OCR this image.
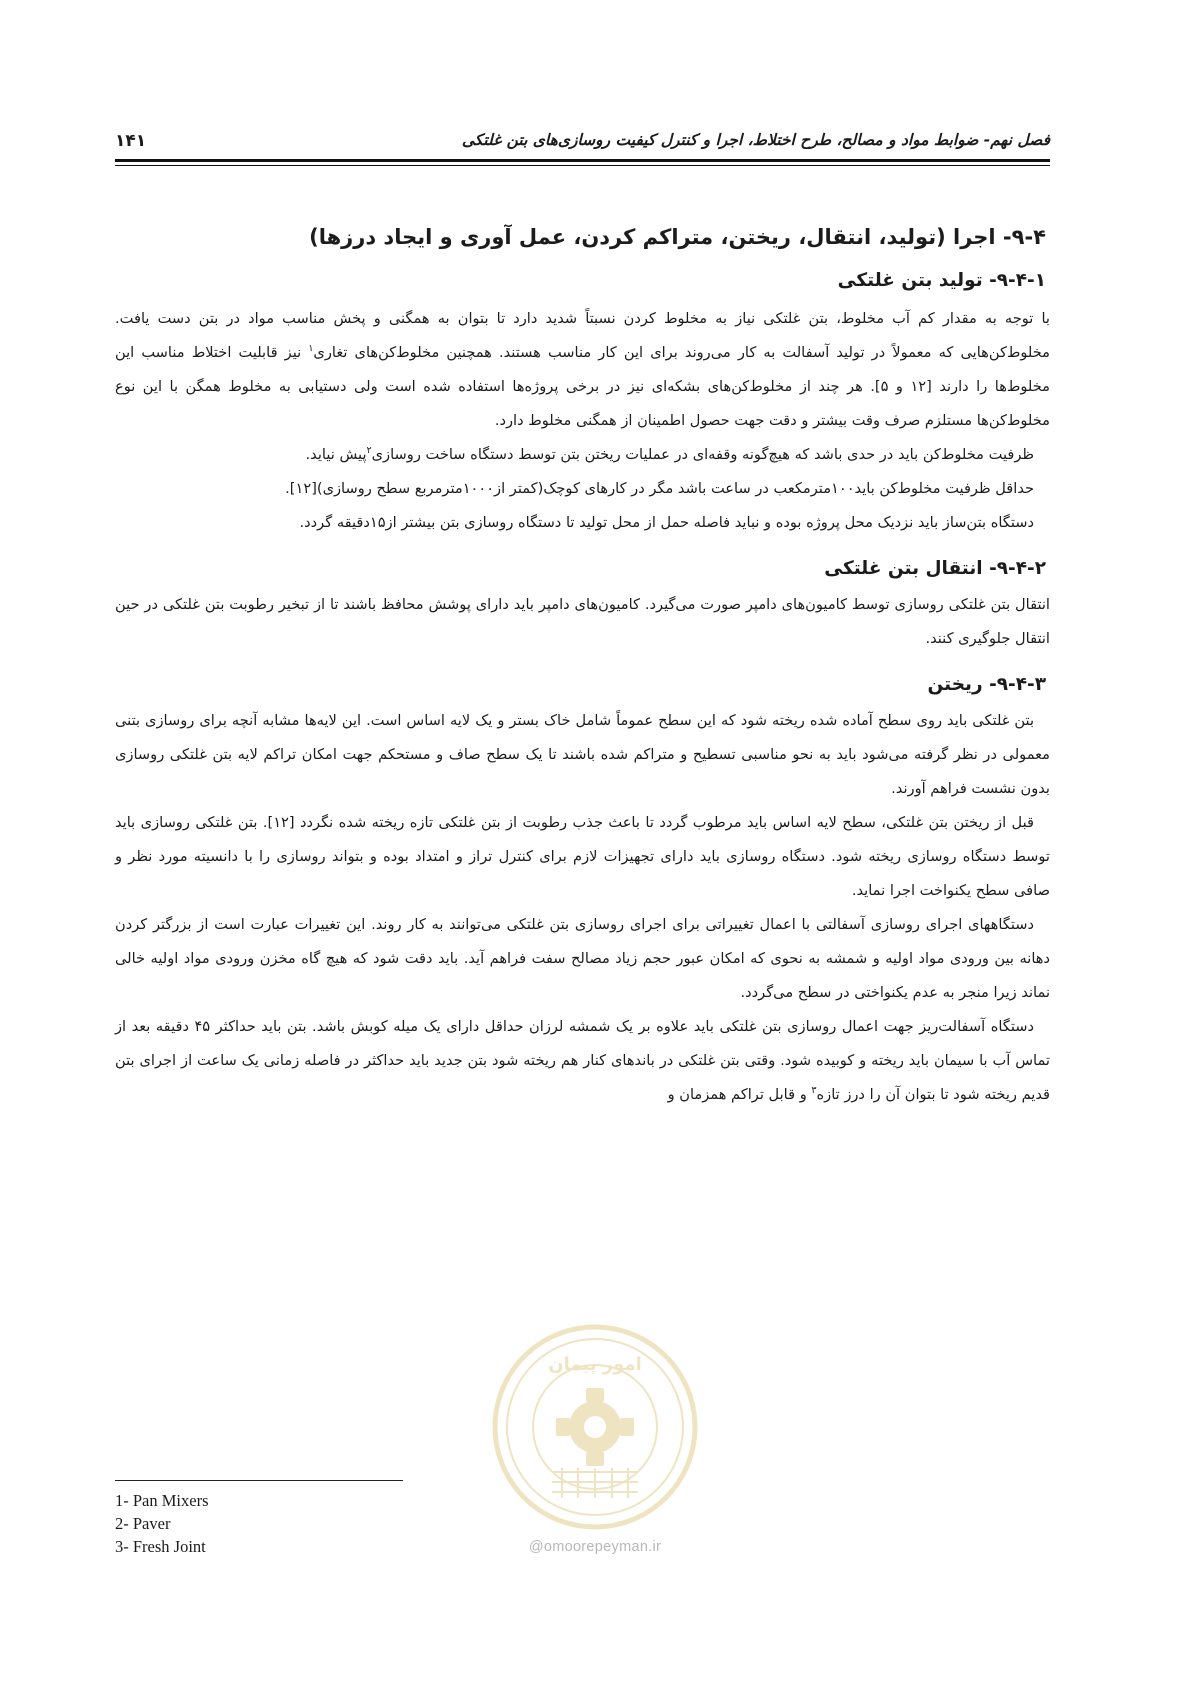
فصل نهم- ضوابط مواد و مصالح، طرح اختلاط، اجرا و کنترل کیفیت روسازی‌های بتن غلتکی
۱۴۱
۹-۴- اجرا (تولید، انتقال، ریختن، متراکم کردن، عمل آوری و ایجاد درزها)
۹-۴-۱- تولید بتن غلتکی

با توجه به مقدار کم آب مخلوط، بتن غلتکی نیاز به مخلوط کردن نسبتاً شدید دارد تا بتوان به همگنی و پخش مناسب مواد در بتن دست یافت. مخلوط‌کن‌هایی که معمولاً در تولید آسفالت به کار می‌روند برای این کار مناسب هستند. همچنین مخلوط‌کن‌های تغاری$^۱$ نیز قابلیت اختلاط مناسب این مخلوط‌ها را دارند [۱۲ و ۵]. هر چند از مخلوط‌کن‌های بشکه‌ای نیز در برخی پروژه‌ها استفاده شده است ولی دستیابی به مخلوط همگن با این نوع مخلوط‌کن‌ها مستلزم صرف وقت بیشتر و دقت جهت حصول اطمینان از همگنی مخلوط دارد.

ظرفیت مخلوط‌کن باید در حدی باشد که هیچ‌گونه وقفه‌ای در عملیات ریختن بتن توسط دستگاه ساخت روسازی$^۲$پیش نیاید.

حداقل ظرفیت مخلوط‌کن باید۱۰۰مترمکعب در ساعت باشد مگر در کارهای کوچک(کمتر از۱۰۰۰مترمربع سطح روسازی)[۱۲].

دستگاه بتن‌ساز باید نزدیک محل پروژه بوده و نباید فاصله حمل از محل تولید تا دستگاه روسازی بتن بیشتر از۱۵دقیقه گردد.

۹-۴-۲- انتقال بتن غلتکی

انتقال بتن غلتکی روسازی توسط کامیون‌های دامپر صورت می‌گیرد. کامیون‌های دامپر باید دارای پوشش محافظ باشند تا از تبخیر رطوبت بتن غلتکی در حین انتقال جلوگیری کنند.

۹-۴-۳- ریختن

بتن غلتکی باید روی سطح آماده شده ریخته شود که این سطح عموماً شامل خاک بستر و یک لایه اساس است. این لایه‌ها مشابه آنچه برای روسازی بتنی معمولی در نظر گرفته می‌شود باید به نحو مناسبی تسطیح و متراکم شده باشند تا یک سطح صاف و مستحکم جهت امکان تراکم لایه بتن غلتکی روسازی بدون نشست فراهم آورند.

قبل از ریختن بتن غلتکی، سطح لایه اساس باید مرطوب گردد تا باعث جذب رطوبت از بتن غلتکی تازه ریخته شده نگردد [۱۲]. بتن غلتکی روسازی باید توسط دستگاه روسازی ریخته شود. دستگاه روسازی باید دارای تجهیزات لازم برای کنترل تراز و امتداد بوده و بتواند روسازی را با دانسیته مورد نظر و صافی سطح یکنواخت اجرا نماید.

دستگاههای اجرای روسازی آسفالتی با اعمال تغییراتی برای اجرای روسازی بتن غلتکی می‌توانند به کار روند. این تغییرات عبارت است از بزرگتر کردن دهانه بین ورودی مواد اولیه و شمشه به نحوی که امکان عبور حجم زیاد مصالح سفت فراهم آید. باید دقت شود که هیچ گاه مخزن ورودی مواد اولیه خالی نماند زیرا منجر به عدم یکنواختی در سطح می‌گردد.

دستگاه آسفالت‌ریز جهت اعمال روسازی بتن غلتکی باید علاوه بر یک شمشه لرزان حداقل دارای یک میله کوبش باشد. بتن باید حداکثر ۴۵ دقیقه بعد از تماس آب با سیمان باید ریخته و کوبیده شود. وقتی بتن غلتکی در باندهای کنار هم ریخته شود بتن جدید باید حداکثر در فاصله زمانی یک ساعت از اجرای بتن قدیم ریخته شود تا بتوان آن را درز تازه$^۳$ و قابل تراکم همزمان و

1- Pan Mixers
2- Paver
3- Fresh Joint
امور پیمان
@omoorepeyman.ir
